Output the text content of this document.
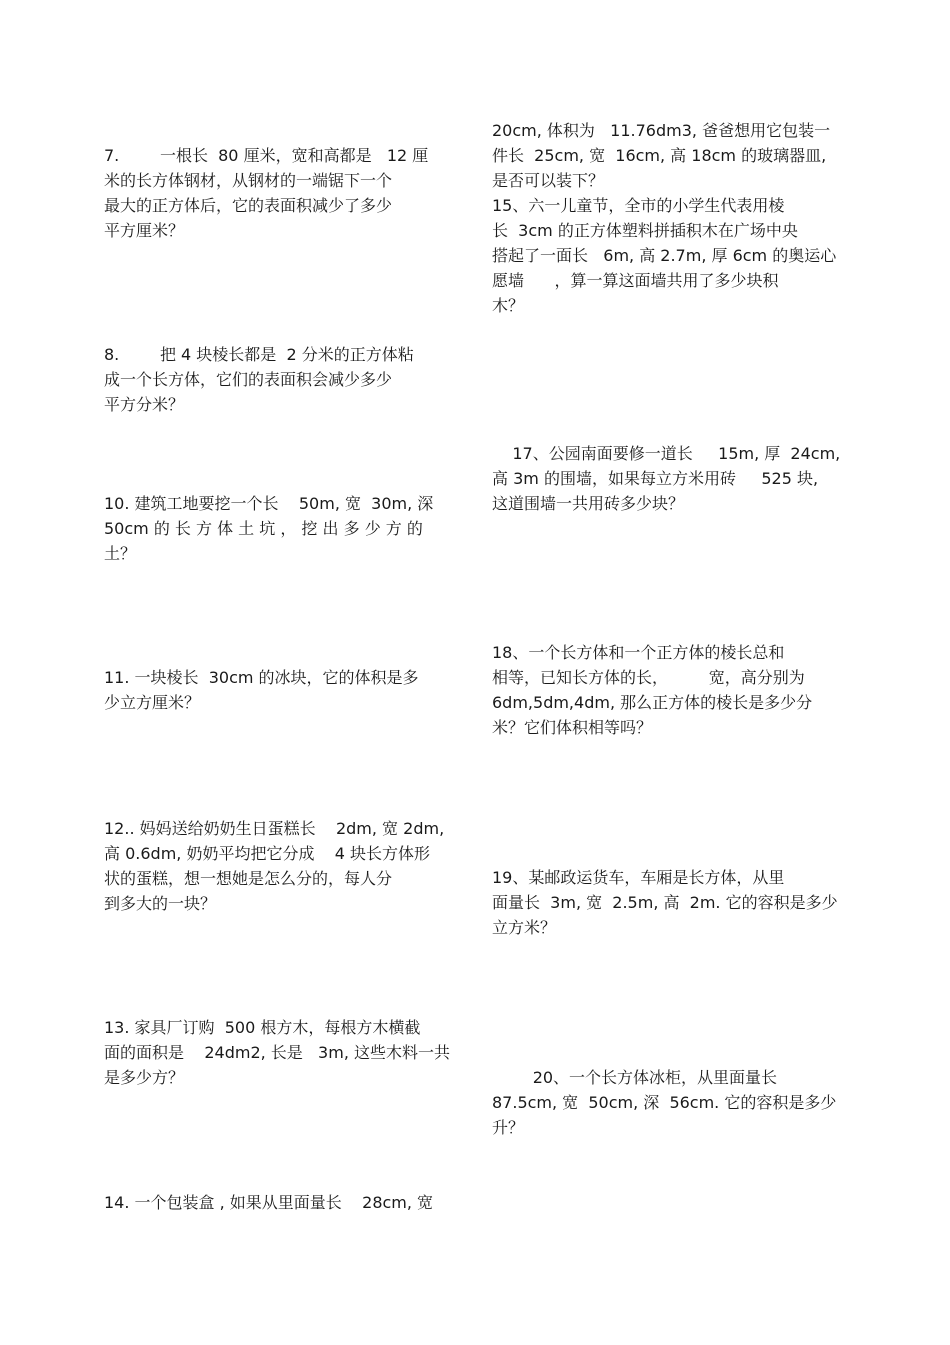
7.        一根长  80 厘米，宽和高都是   12 厘
米的长方体钢材，从钢材的一端锯下一个
最大的正方体后，它的表面积减少了多少
平方厘米？
8.        把 4 块棱长都是  2 分米的正方体粘
成一个长方体，它们的表面积会减少多少
平方分米？
10. 建筑工地要挖一个长    50m, 宽  30m, 深
50cm 的 长 方 体 土 坑 ， 挖 出 多 少 方 的
土？
11. 一块棱长  30cm 的冰块，它的体积是多
少立方厘米？
12.. 妈妈送给奶奶生日蛋糕长    2dm, 宽 2dm,
高 0.6dm, 奶奶平均把它分成    4 块长方体形
状的蛋糕，想一想她是怎么分的，每人分
到多大的一块？
13. 家具厂订购  500 根方木，每根方木横截
面的面积是    24dm2, 长是   3m, 这些木料一共
是多少方？
14. 一个包装盒 , 如果从里面量长    28cm, 宽
20cm, 体积为   11.76dm3, 爸爸想用它包装一
件长  25cm, 宽  16cm, 高 18cm 的玻璃器皿,
是否可以装下？
15、六一儿童节，全市的小学生代表用棱
长  3cm 的正方体塑料拼插积木在广场中央
搭起了一面长   6m, 高 2.7m, 厚 6cm 的奥运心
愿墙      ，算一算这面墙共用了多少块积
木？
17、公园南面要修一道长     15m, 厚  24cm,
高 3m 的围墙，如果每立方米用砖     525 块,
这道围墙一共用砖多少块？
18、一个长方体和一个正方体的棱长总和
相等，已知长方体的长，        宽，高分别为
6dm,5dm,4dm, 那么正方体的棱长是多少分
米？它们体积相等吗？
19、某邮政运货车，车厢是长方体，从里
面量长  3m, 宽  2.5m, 高  2m. 它的容积是多少
立方米？
20、一个长方体冰柜，从里面量长
87.5cm, 宽  50cm, 深  56cm. 它的容积是多少
升？
